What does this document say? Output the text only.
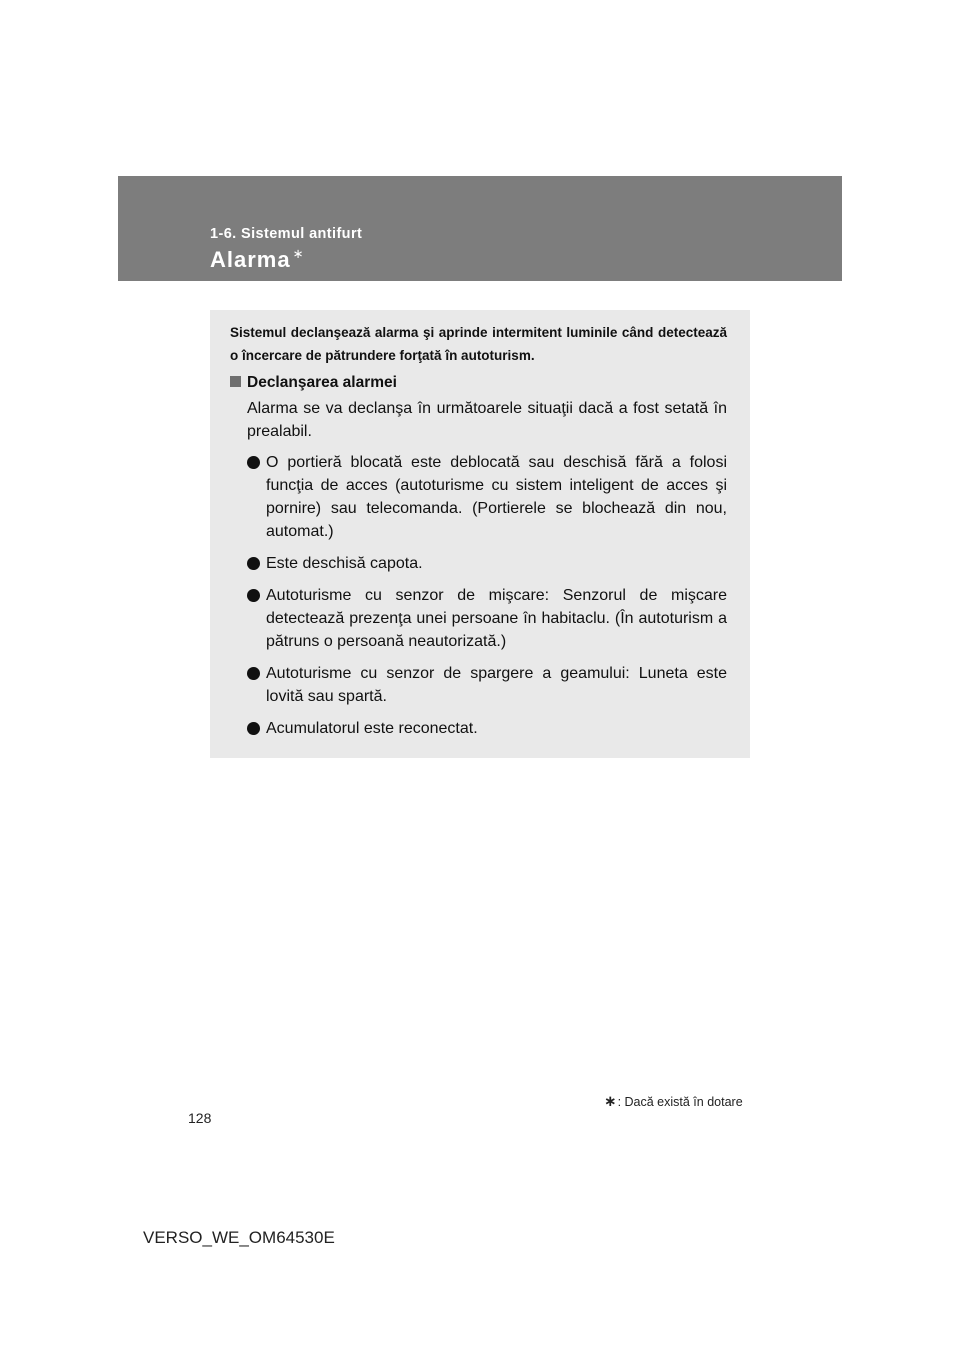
1-6. Sistemul antifurt
Alarma ∗
Sistemul declanşează alarma şi aprinde intermitent luminile când detectează o încercare de pătrundere forţată în autoturism.
Declanşarea alarmei
Alarma se va declanşa în următoarele situaţii dacă a fost setată în prealabil.
O portieră blocată este deblocată sau deschisă fără a folosi funcţia de acces (autoturisme cu sistem inteligent de acces şi pornire) sau telecomanda. (Portierele se blochează din nou, automat.)
Este deschisă capota.
Autoturisme cu senzor de mişcare: Senzorul de mişcare detectează prezenţa unei persoane în habitaclu. (În autoturism a pătruns o persoană neautorizată.)
Autoturisme cu senzor de spargere a geamului: Luneta este lovită sau spartă.
Acumulatorul este reconectat.
∗: Dacă există în dotare
128
VERSO_WE_OM64530E
